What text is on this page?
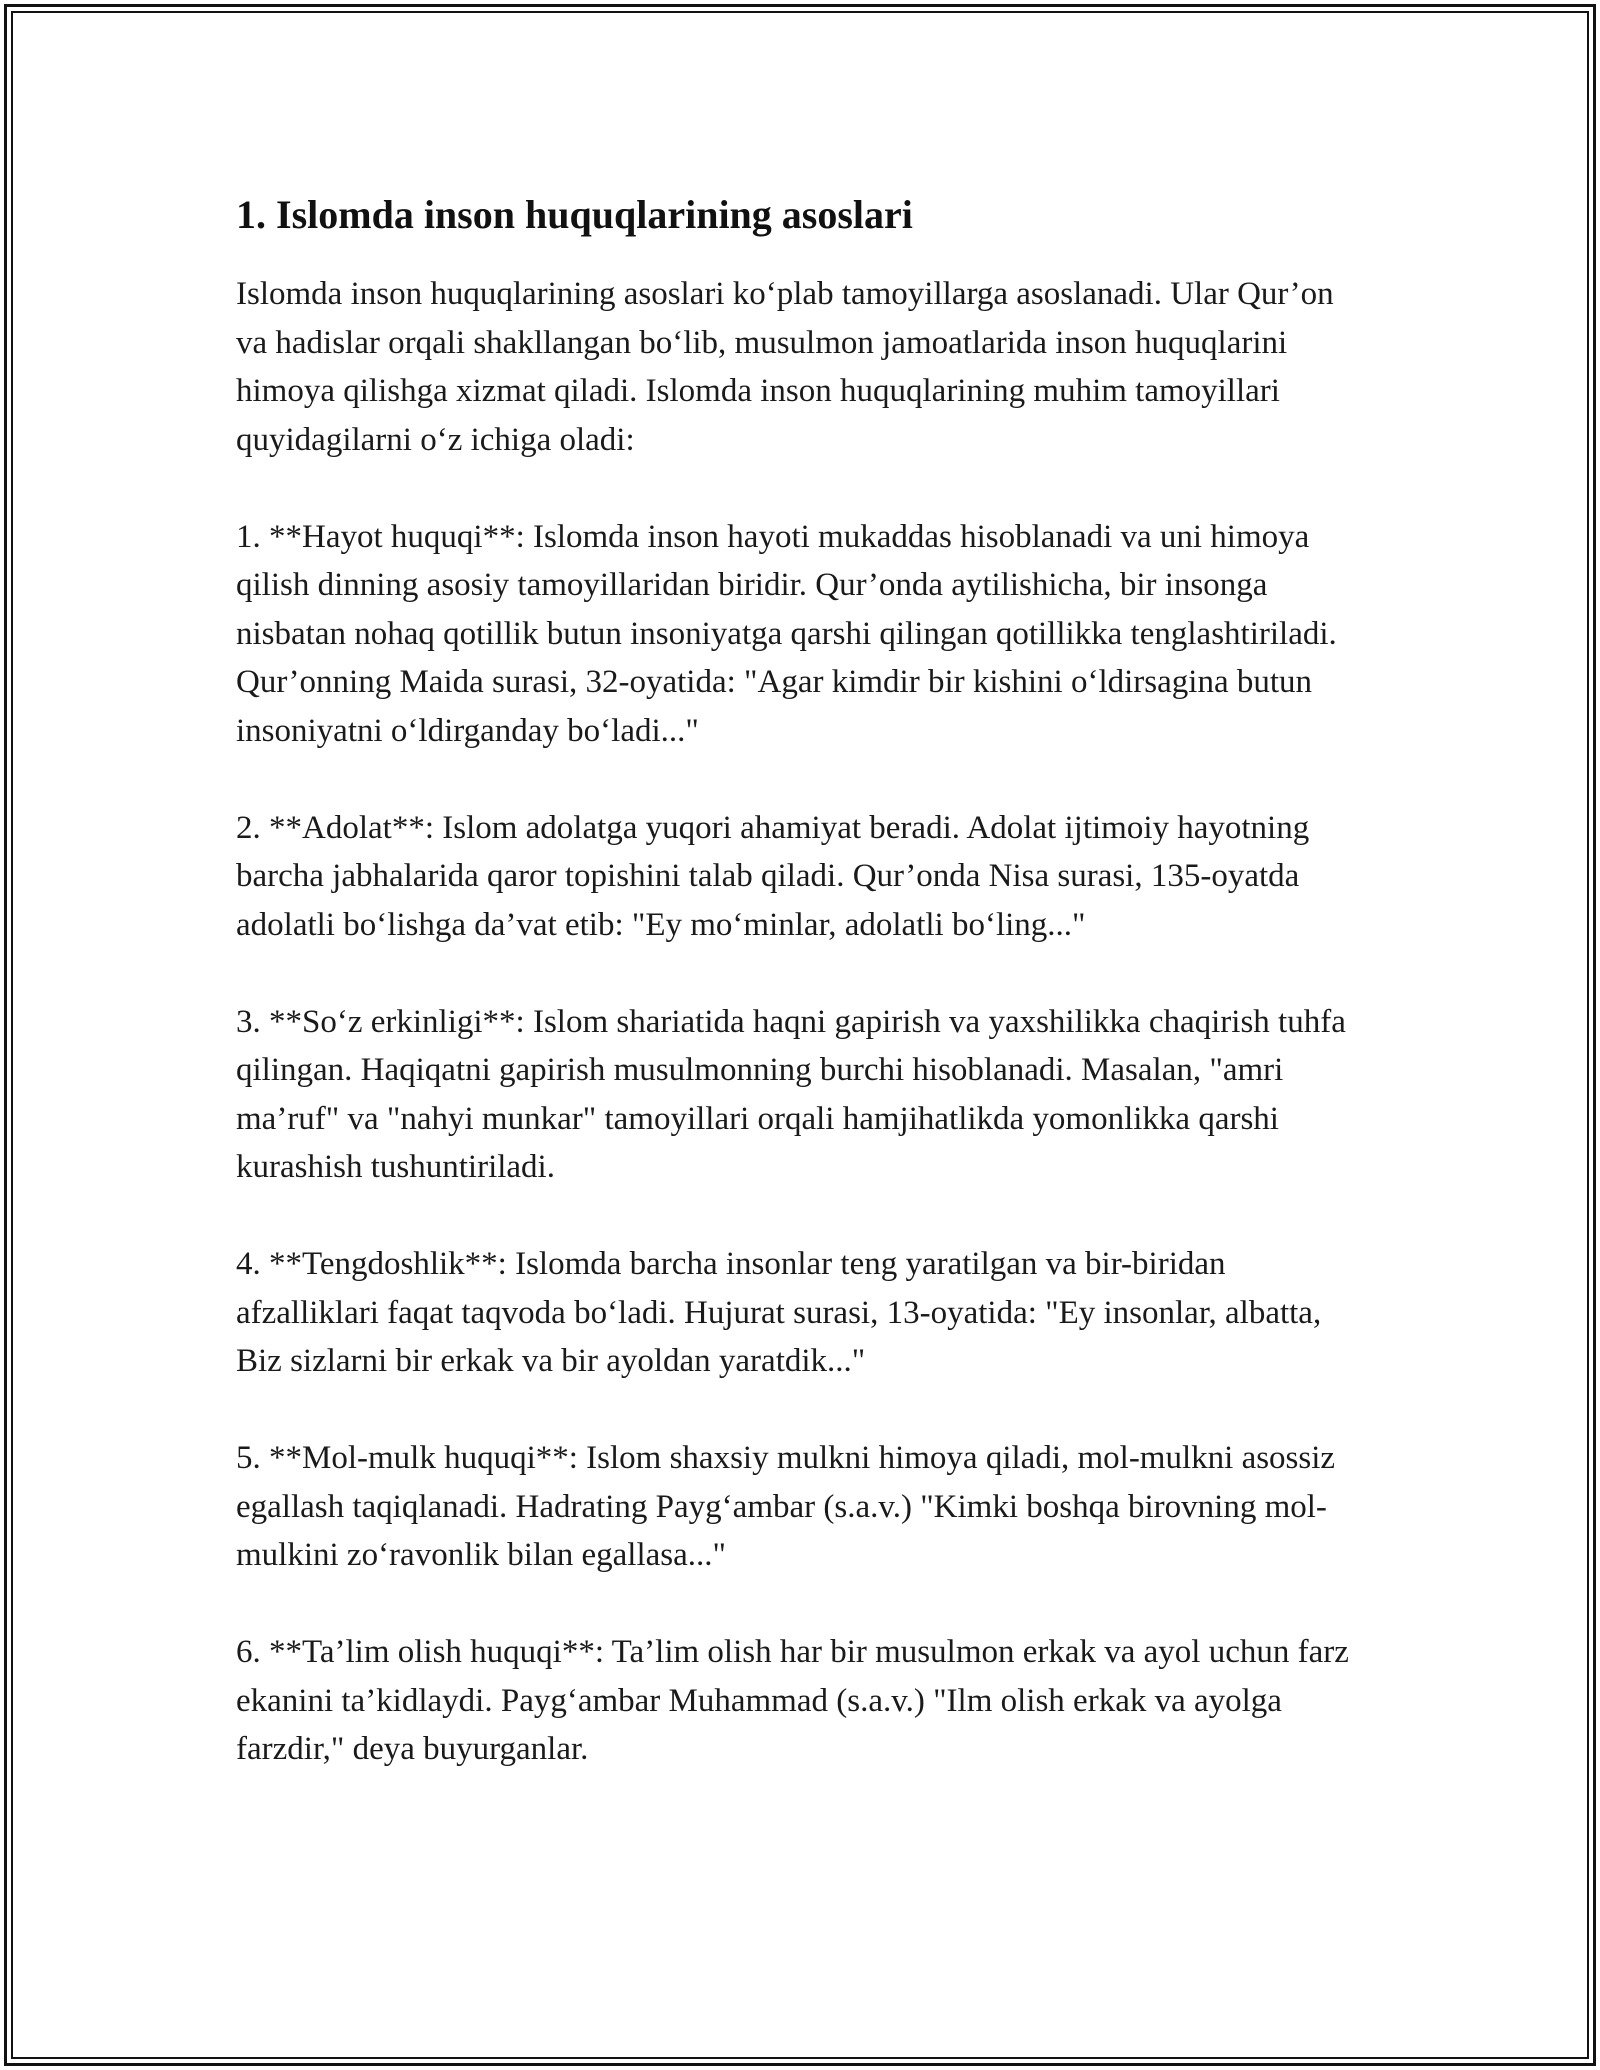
1. Islomda inson huquqlarining asoslari

Islomda inson huquqlarining asoslari ko‘plab tamoyillarga asoslanadi. Ular Qur’on va hadislar orqali shakllangan bo‘lib, musulmon jamoatlarida inson huquqlarini himoya qilishga xizmat qiladi. Islomda inson huquqlarining muhim tamoyillari quyidagilarni o‘z ichiga oladi:

1. **Hayot huquqi**: Islomda inson hayoti mukaddas hisoblanadi va uni himoya qilish dinning asosiy tamoyillaridan biridir. Qur’onda aytilishicha, bir insonga nisbatan nohaq qotillik butun insoniyatga qarshi qilingan qotillikka tenglashtiriladi. Qur’onning Maida surasi, 32-oyatida: "Agar kimdir bir kishini o‘ldirsagina butun insoniyatni o‘ldirganday bo‘ladi..."

2. **Adolat**: Islom adolatga yuqori ahamiyat beradi. Adolat ijtimoiy hayotning barcha jabhalarida qaror topishini talab qiladi. Qur’onda Nisa surasi, 135-oyatda adolatli bo‘lishga da’vat etib: "Ey mo‘minlar, adolatli bo‘ling..."

3. **So‘z erkinligi**: Islom shariatida haqni gapirish va yaxshilikka chaqirish tuhfa qilingan. Haqiqatni gapirish musulmonning burchi hisoblanadi. Masalan, "amri ma’ruf" va "nahyi munkar" tamoyillari orqali hamjihatlikda yomonlikka qarshi kurashish tushuntiriladi.

4. **Tengdoshlik**: Islomda barcha insonlar teng yaratilgan va bir-biridan afzalliklari faqat taqvoda bo‘ladi. Hujurat surasi, 13-oyatida: "Ey insonlar, albatta, Biz sizlarni bir erkak va bir ayoldan yaratdik..."

5. **Mol-mulk huquqi**: Islom shaxsiy mulkni himoya qiladi, mol-mulkni asossiz egallash taqiqlanadi. Hadrating Payg‘ambar (s.a.v.) "Kimki boshqa birovning mol-mulkini zo‘ravonlik bilan egallasa..."

6. **Ta’lim olish huquqi**: Ta’lim olish har bir musulmon erkak va ayol uchun farz ekanini ta’kidlaydi. Payg‘ambar Muhammad (s.a.v.) "Ilm olish erkak va ayolga farzdir," deya buyurganlar.
